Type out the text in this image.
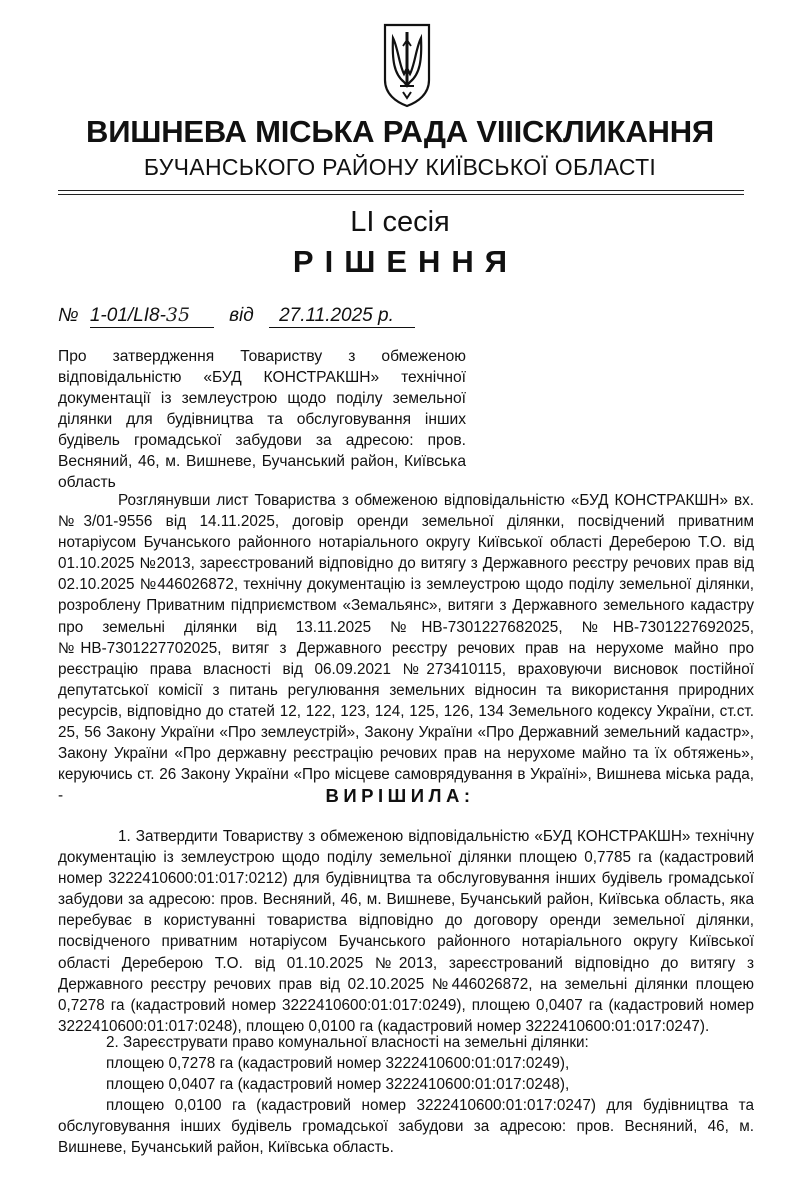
ВИШНЕВА МІСЬКА РАДА VIIІСКЛИКАННЯ
БУЧАНСЬКОГО РАЙОНУ КИЇВСЬКОЇ ОБЛАСТІ
LI сесія
РІШЕННЯ
№ 1-01/LI8-35 від 27.11.2025 р.
Про затвердження Товариству з обмеженою відповідальністю «БУД КОНСТРАКШН» технічної документації із землеустрою щодо поділу земельної ділянки для будівництва та обслуговування інших будівель громадської забудови за адресою: пров. Весняний, 46, м. Вишневе, Бучанський район, Київська область
Розглянувши лист Товариства з обмеженою відповідальністю «БУД КОНСТРАКШН» вх.№3/01-9556 від 14.11.2025, договір оренди земельної ділянки, посвідчений приватним нотаріусом Бучанського районного нотаріального округу Київської області Дереберою Т.О. від 01.10.2025 №2013, зареєстрований відповідно до витягу з Державного реєстру речових прав від 02.10.2025 №446026872, технічну документацію із землеустрою щодо поділу земельної ділянки, розроблену Приватним підприємством «Земальянс», витяги з Державного земельного кадастру про земельні ділянки від 13.11.2025 №НВ-7301227682025, №НВ-7301227692025, №НВ-7301227702025, витяг з Державного реєстру речових прав на нерухоме майно про реєстрацію права власності від 06.09.2021 №273410115, враховуючи висновок постійної депутатської комісії з питань регулювання земельних відносин та використання природних ресурсів, відповідно до статей 12, 122, 123, 124, 125, 126, 134 Земельного кодексу України, ст.ст. 25, 56 Закону України «Про землеустрій», Закону України «Про Державний земельний кадастр», Закону України «Про державну реєстрацію речових прав на нерухоме майно та їх обтяжень», керуючись ст. 26 Закону України «Про місцеве самоврядування в Україні», Вишнева міська рада, -	ВИРІШИЛА:
1. Затвердити Товариству з обмеженою відповідальністю «БУД КОНСТРАКШН» технічну документацію із землеустрою щодо поділу земельної ділянки площею 0,7785 га (кадастровий номер 3222410600:01:017:0212) для будівництва та обслуговування інших будівель громадської забудови за адресою: пров. Весняний, 46, м. Вишневе, Бучанський район, Київська область, яка перебуває в користуванні товариства відповідно до договору оренди земельної ділянки, посвідченого приватним нотаріусом Бучанського районного нотаріального округу Київської області Дереберою Т.О. від 01.10.2025 №2013, зареєстрований відповідно до витягу з Державного реєстру речових прав від 02.10.2025 №446026872, на земельні ділянки площею 0,7278 га (кадастровий номер 3222410600:01:017:0249), площею 0,0407 га (кадастровий номер 3222410600:01:017:0248), площею 0,0100 га (кадастровий номер 3222410600:01:017:0247).
2. Зареєструвати право комунальної власності на земельні ділянки:
площею 0,7278 га (кадастровий номер 3222410600:01:017:0249),
площею 0,0407 га (кадастровий номер 3222410600:01:017:0248),
площею 0,0100 га (кадастровий номер 3222410600:01:017:0247) для будівництва та обслуговування інших будівель громадської забудови за адресою: пров. Весняний, 46, м. Вишневе, Бучанський район, Київська область.
